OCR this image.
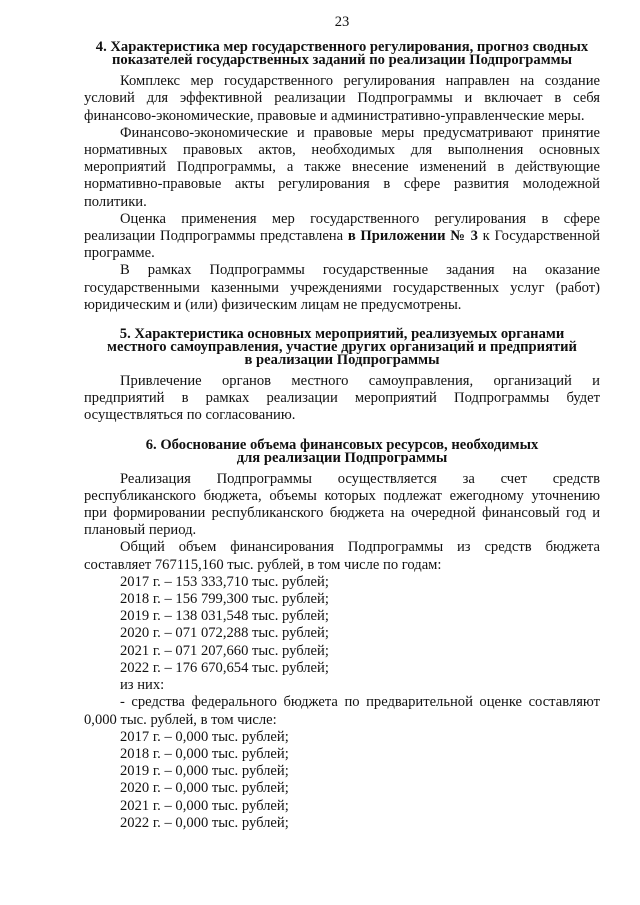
23
4. Характеристика мер государственного регулирования, прогноз сводных
показателей государственных заданий по реализации Подпрограммы

Комплекс мер государственного регулирования направлен на создание условий для эффективной реализации Подпрограммы и включает в себя финансово-экономические, правовые и административно-управленческие меры.

Финансово-экономические и правовые меры предусматривают принятие нормативных правовых актов, необходимых для выполнения основных мероприятий Подпрограммы, а также внесение изменений в действующие нормативно-правовые акты регулирования в сфере развития молодежной политики.

Оценка применения мер государственного регулирования в сфере реализации Подпрограммы представлена в Приложении № 3 к Государственной программе.

В рамках Подпрограммы государственные задания на оказание государственными казенными учреждениями государственных услуг (работ) юридическим и (или) физическим лицам не предусмотрены.

5. Характеристика основных мероприятий, реализуемых органами
местного самоуправления, участие других организаций и предприятий
в реализации Подпрограммы

Привлечение органов местного самоуправления, организаций и предприятий в рамках реализации мероприятий Подпрограммы будет осуществляться по согласованию.

6. Обоснование объема финансовых ресурсов, необходимых
для реализации Подпрограммы

Реализация Подпрограммы осуществляется за счет средств республиканского бюджета, объемы которых подлежат ежегодному уточнению при формировании республиканского бюджета на очередной финансовый год и плановый период.

Общий объем финансирования Подпрограммы из средств бюджета составляет 767115,160 тыс. рублей, в том числе по годам:

2017 г. – 153 333,710 тыс. рублей;
2018 г. – 156 799,300 тыс. рублей;
2019 г. – 138 031,548 тыс. рублей;
2020 г. – 071 072,288 тыс. рублей;
2021 г. – 071 207,660 тыс. рублей;
2022 г. – 176 670,654 тыс. рублей;

из них:

- средства федерального бюджета по предварительной оценке составляют 0,000 тыс. рублей, в том числе:

2017 г. – 0,000 тыс. рублей;
2018 г. – 0,000 тыс. рублей;
2019 г. – 0,000 тыс. рублей;
2020 г. – 0,000 тыс. рублей;
2021 г. – 0,000 тыс. рублей;
2022 г. – 0,000 тыс. рублей;
